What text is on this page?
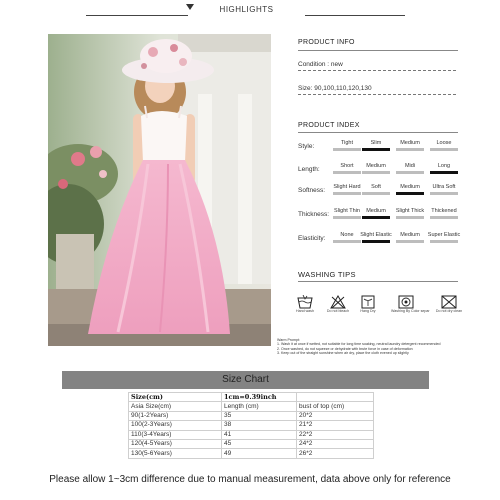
HIGHLIGHTS
PRODUCT INFO
Condition : new
Size: 90,100,110,120,130
PRODUCT INDEX
Style:	Tight	Slim	Medium	Loose
Length:	Short	Medium	Midi	Long
Softness:	Slight Hard	Soft	Medium	Ultra Soft
Thickness: Slight Thin	Medium	Slight Thick	Thickened
Elasticity:	None	Slight Elastic	Medium	Super Elastic
WASHING TIPS
Hand wash	Do not bleach	Hang Dry	Washing By Color separ	Do not dry clean
Warm Prompt:
1. Wash it at once if wetted, not suitable for long time soaking, neutral laundry detergent recommended
2. Once washed, do not squeeze or dehydrate with brute force in case of deformation
3. Keep out of the straight sunshine when air dry, place the cloth evened up slightly
Size Chart
Size(cm)	1cm=0.39inch	
Asia Size(cm)	Length (cm)	bust of top (cm)
90(1-2Years)	35	20*2
100(2-3Years)	38	21*2
110(3-4Years)	41	22*2
120(4-5Years)	45	24*2
130(5-6Years)	49	26*2
Please allow 1~3cm difference due to manual measurement, data above only for reference
